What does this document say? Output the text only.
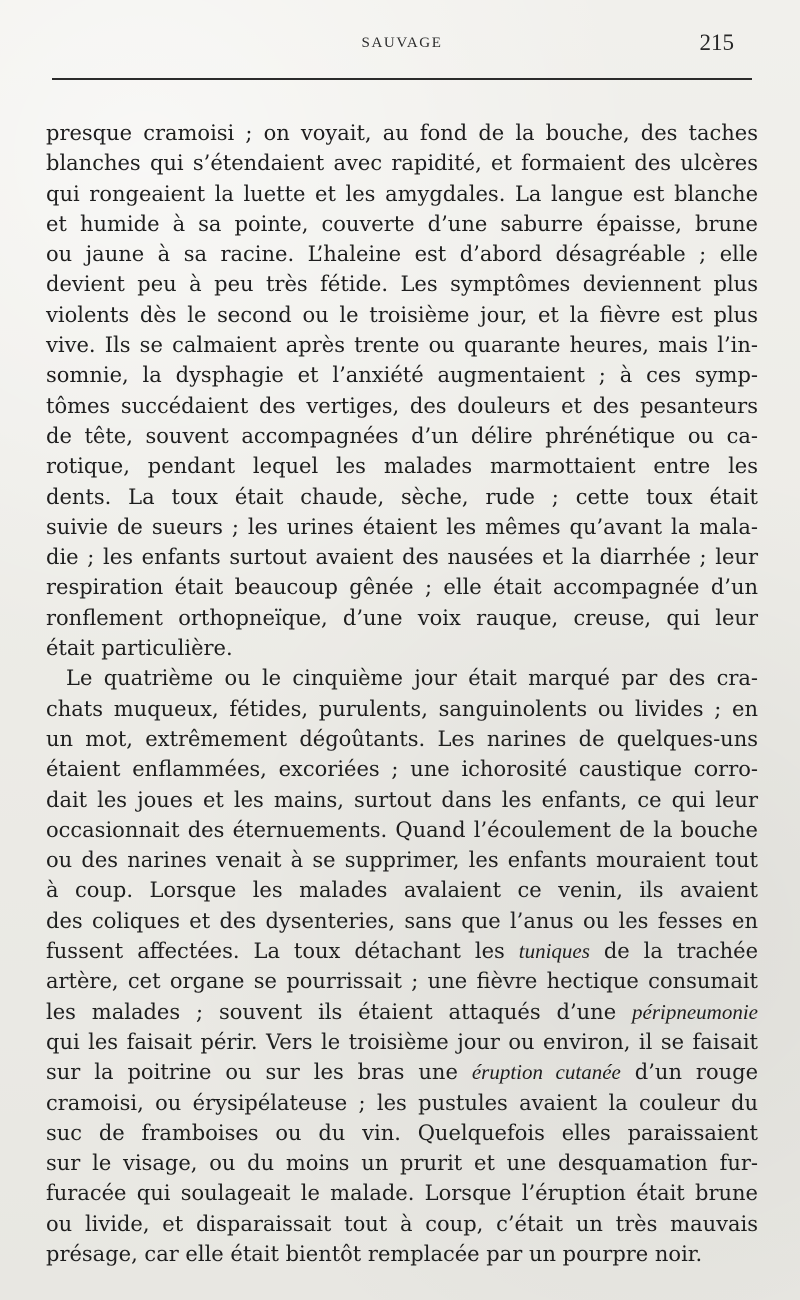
SAUVAGE	215
presque cramoisi ; on voyait, au fond de la bouche, des taches
blanches qui s’étendaient avec rapidité, et formaient des ulcères
qui rongeaient la luette et les amygdales. La langue est blanche
et humide à sa pointe, couverte d’une saburre épaisse, brune
ou jaune à sa racine. L’haleine est d’abord désagréable ; elle
devient peu à peu très fétide. Les symptômes deviennent plus
violents dès le second ou le troisième jour, et la fièvre est plus
vive. Ils se calmaient après trente ou quarante heures, mais l’in-
somnie, la dysphagie et l’anxiété augmentaient ; à ces symp-
tômes succédaient des vertiges, des douleurs et des pesanteurs
de tête, souvent accompagnées d’un délire phrénétique ou ca-
rotique, pendant lequel les malades marmottaient entre les
dents. La toux était chaude, sèche, rude ; cette toux était
suivie de sueurs ; les urines étaient les mêmes qu’avant la mala-
die ; les enfants surtout avaient des nausées et la diarrhée ; leur
respiration était beaucoup gênée ; elle était accompagnée d’un
ronflement orthopneïque, d’une voix rauque, creuse, qui leur
était particulière.
Le quatrième ou le cinquième jour était marqué par des cra-
chats muqueux, fétides, purulents, sanguinolents ou livides ; en
un mot, extrêmement dégoûtants. Les narines de quelques-uns
étaient enflammées, excoriées ; une ichorosité caustique corro-
dait les joues et les mains, surtout dans les enfants, ce qui leur
occasionnait des éternuements. Quand l’écoulement de la bouche
ou des narines venait à se supprimer, les enfants mouraient tout
à coup. Lorsque les malades avalaient ce venin, ils avaient
des coliques et des dysenteries, sans que l’anus ou les fesses en
fussent affectées. La toux détachant les tuniques de la trachée
artère, cet organe se pourrissait ; une fièvre hectique consumait
les malades ; souvent ils étaient attaqués d’une péripneumonie
qui les faisait périr. Vers le troisième jour ou environ, il se faisait
sur la poitrine ou sur les bras une éruption cutanée d’un rouge
cramoisi, ou érysipélateuse ; les pustules avaient la couleur du
suc de framboises ou du vin. Quelquefois elles paraissaient
sur le visage, ou du moins un prurit et une desquamation fur-
furacée qui soulageait le malade. Lorsque l’éruption était brune
ou livide, et disparaissait tout à coup, c’était un très mauvais
présage, car elle était bientôt remplacée par un pourpre noir.
